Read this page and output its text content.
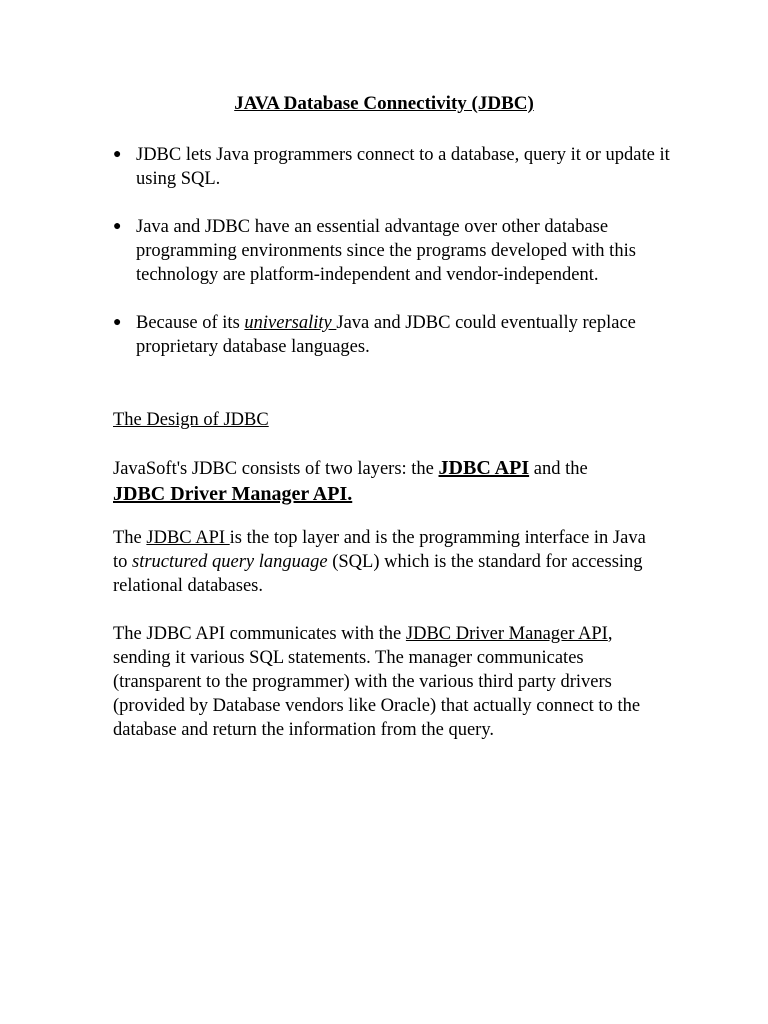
JAVA Database Connectivity (JDBC)
● JDBC lets Java programmers connect to a database, query it or update it using SQL.
● Java and JDBC have an essential advantage over other database programming environments since the programs developed with this technology are platform-independent and vendor-independent.
● Because of its universality Java and JDBC could eventually replace proprietary database languages.

The Design of JDBC

JavaSoft's JDBC consists of two layers: the JDBC API and the
JDBC Driver Manager API.

The JDBC API is the top layer and is the programming interface in Java to structured query language (SQL) which is the standard for accessing relational databases.

The JDBC API communicates with the JDBC Driver Manager API, sending it various SQL statements. The manager communicates (transparent to the programmer) with the various third party drivers (provided by Database vendors like Oracle) that actually connect to the database and return the information from the query.
